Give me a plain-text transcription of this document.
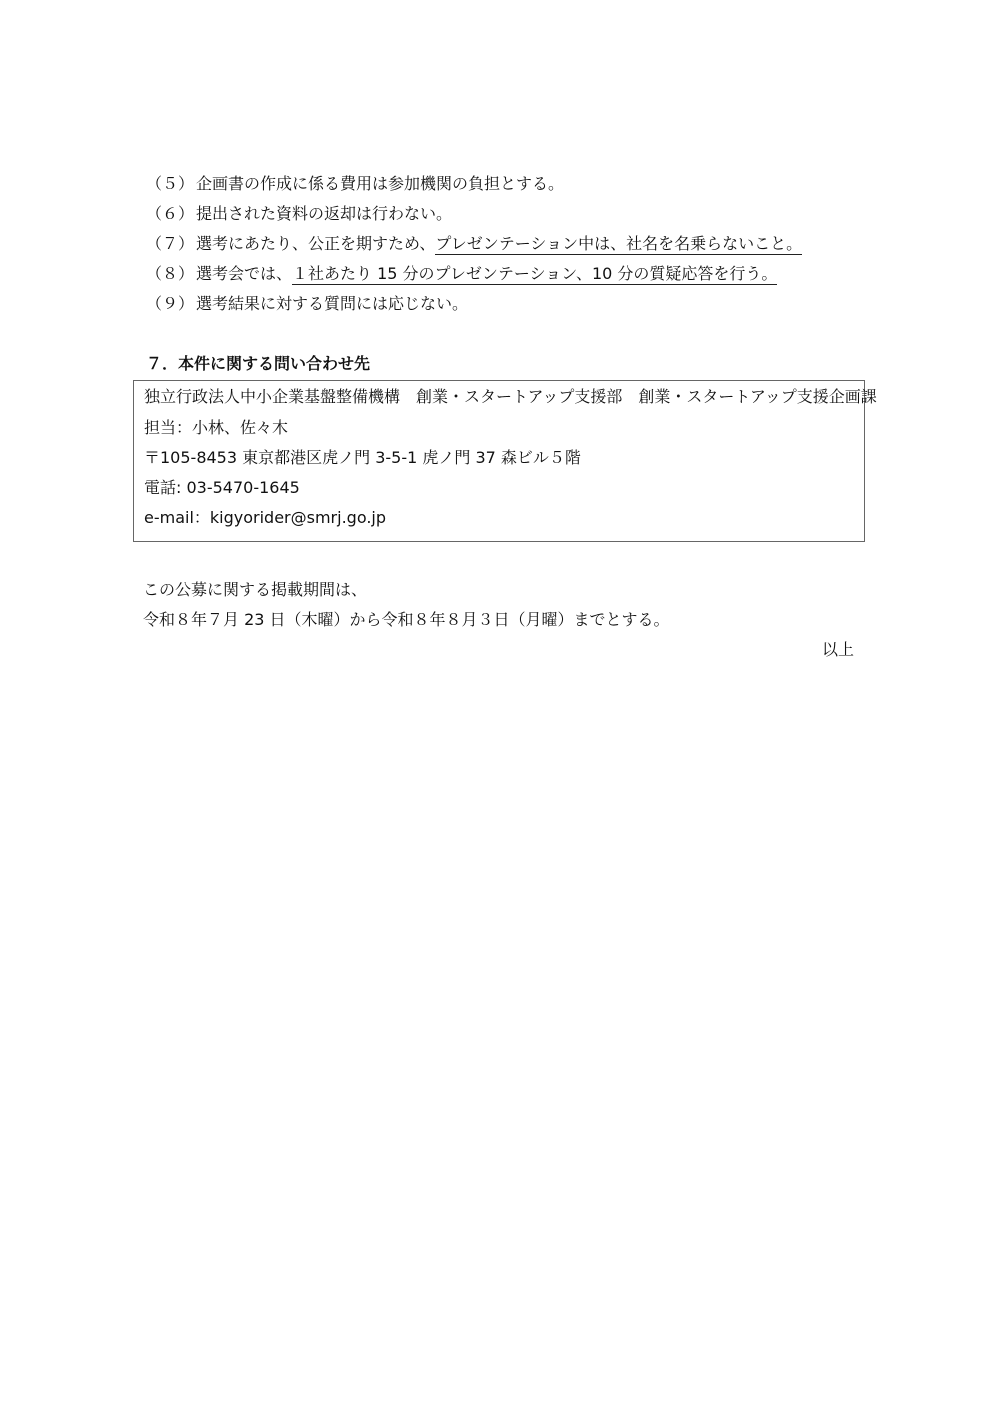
（５） 企画書の作成に係る費用は参加機関の負担とする。
（６） 提出された資料の返却は行わない。
（７） 選考にあたり、公正を期すため、プレゼンテーション中は、社名を名乗らないこと。
（８） 選考会では、１社あたり 15 分のプレゼンテーション、10 分の質疑応答を行う。
（９） 選考結果に対する質問には応じない。
７．本件に関する問い合わせ先
独立行政法人中小企業基盤整備機構　創業・スタートアップ支援部　創業・スタートアップ支援企画課
担当：小林、佐々木
〒105-8453 東京都港区虎ノ門 3-5-1 虎ノ門 37 森ビル５階
電話: 03-5470-1645
e-mail：kigyorider@smrj.go.jp
この公募に関する掲載期間は、
令和８年７月 23 日（木曜）から令和８年８月３日（月曜）までとする。
以上
